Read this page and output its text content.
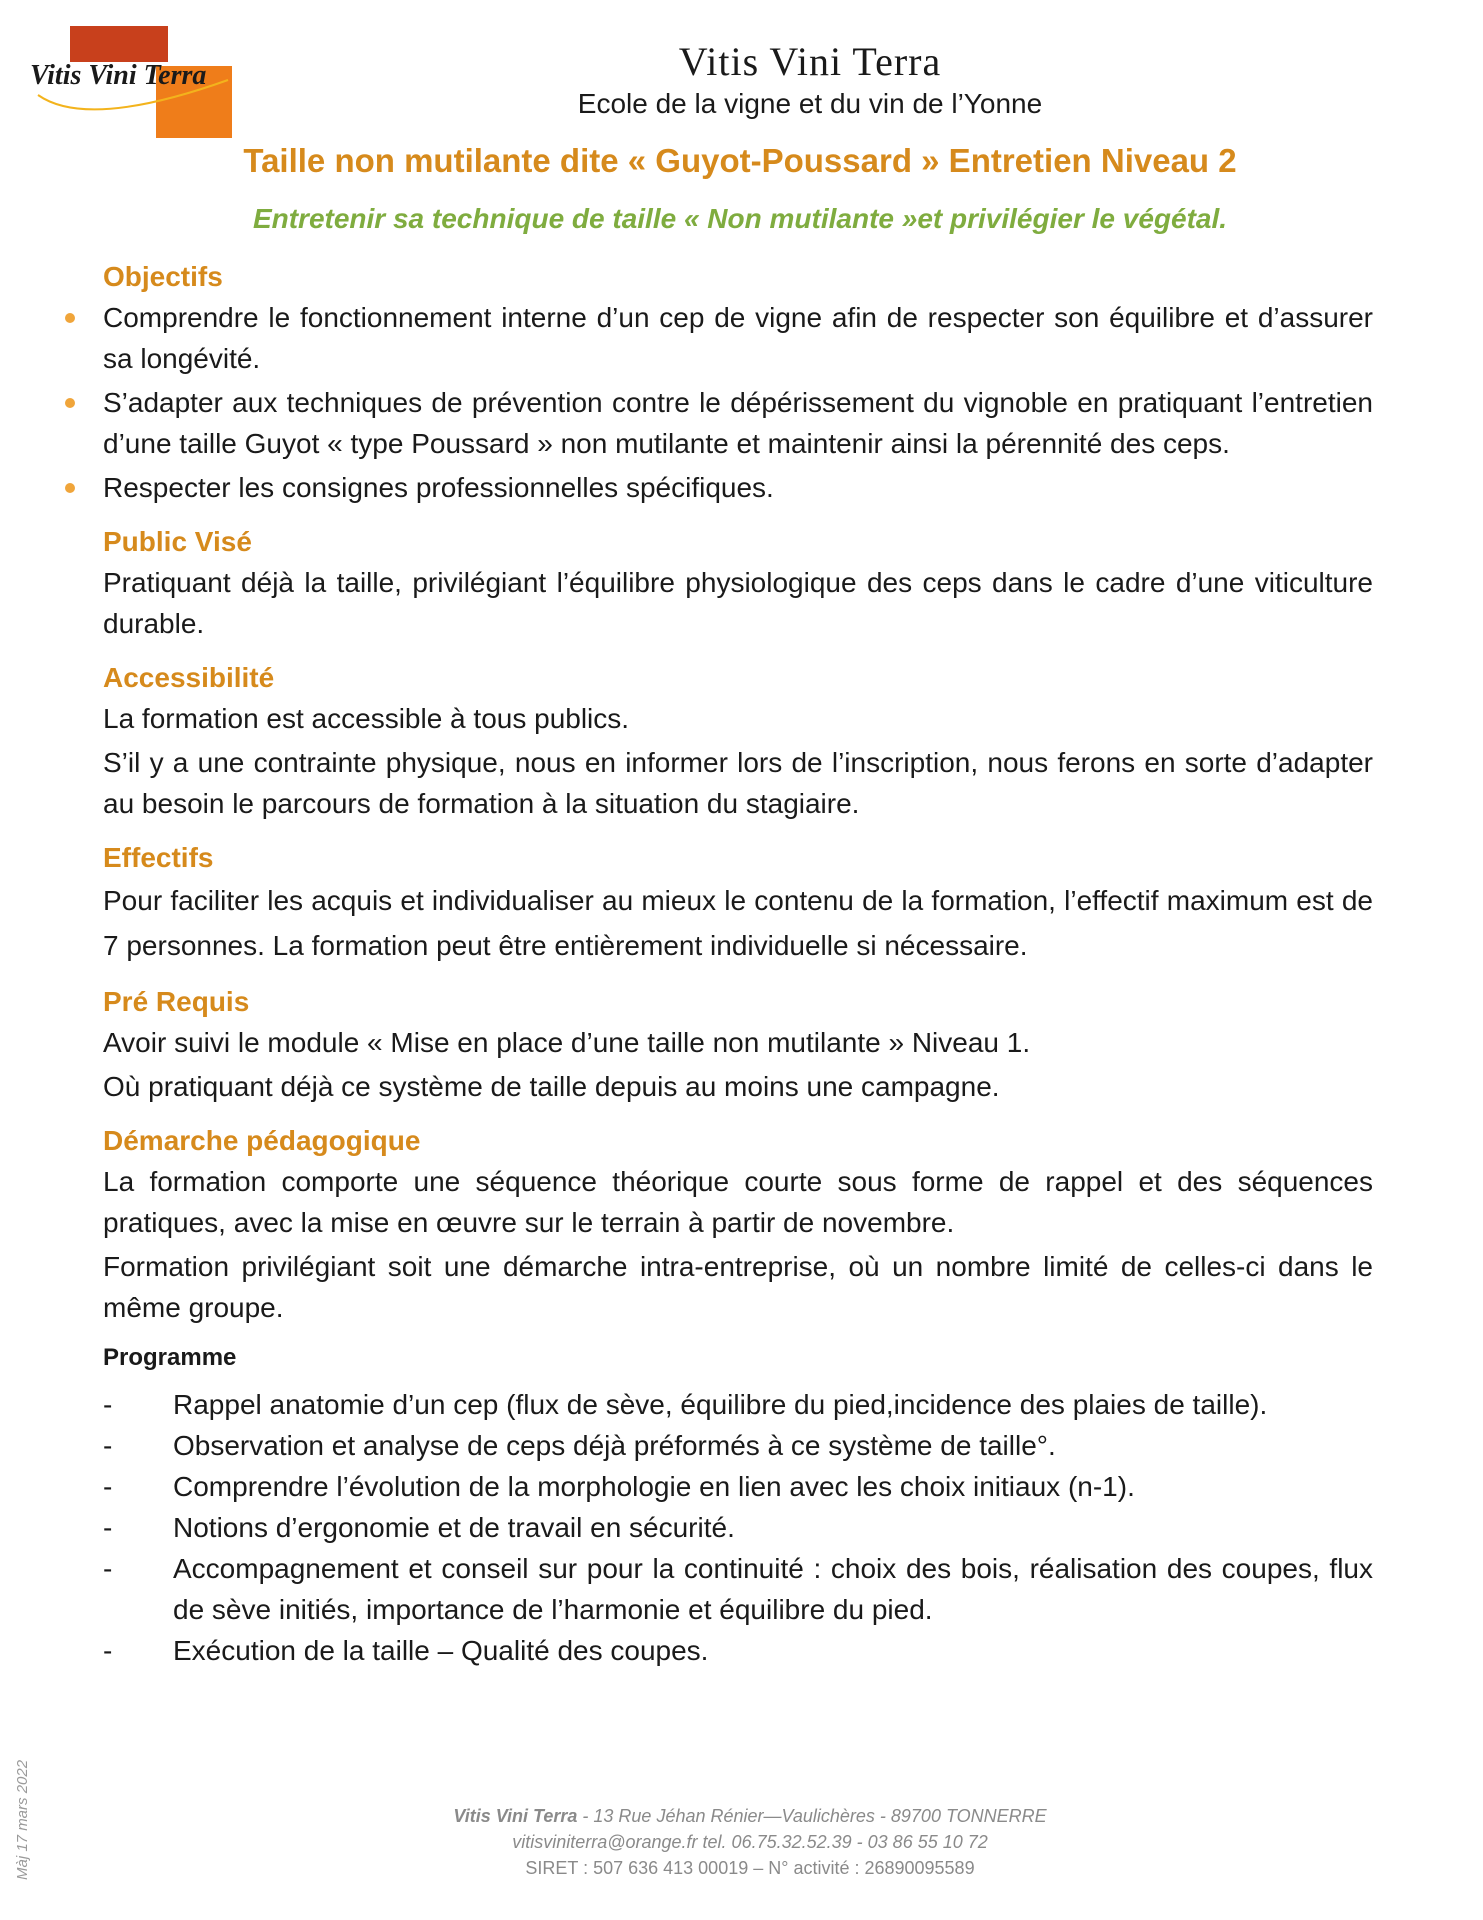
Vitis Vini Terra	Vitis Vini Terra
Ecole de la vigne et du vin de l’Yonne
Taille non mutilante dite « Guyot-Poussard » Entretien Niveau 2
Entretenir sa technique de taille « Non mutilante »et privilégier le végétal.

Objectifs

Comprendre le fonctionnement interne d’un cep de vigne afin de respecter son équilibre et d’assurer sa longévité.
S’adapter aux techniques de prévention contre le dépérissement du vignoble en pratiquant l’entretien d’une taille Guyot « type Poussard » non mutilante et maintenir ainsi la pérennité des ceps.
Respecter les consignes professionnelles spécifiques.

Public Visé

Pratiquant déjà la taille, privilégiant l’équilibre physiologique des ceps dans le cadre d’une viticulture durable.

Accessibilité

La formation est accessible à tous publics.

S’il y a une contrainte physique, nous en informer lors de l’inscription, nous ferons en sorte d’adapter au besoin le parcours de formation à la situation du stagiaire.

Effectifs

Pour faciliter les acquis et individualiser au mieux le contenu de la formation, l’effectif maximum est de 7 personnes. La formation peut être entièrement individuelle si nécessaire.

Pré Requis

Avoir suivi le module « Mise en place d’une taille non mutilante » Niveau 1.

Où pratiquant déjà ce système de taille depuis au moins une campagne.

Démarche pédagogique

La formation comporte une séquence théorique courte sous forme de rappel et des séquences pratiques, avec la mise en œuvre sur le terrain à partir de novembre.

Formation privilégiant soit une démarche intra-entreprise, où un nombre limité de celles-ci dans le même groupe.

Programme

- Rappel anatomie d’un cep (flux de sève, équilibre du pied,incidence des plaies de taille).
- Observation et analyse de ceps déjà préformés à ce système de taille°.
- Comprendre l’évolution de la morphologie en lien avec les choix initiaux (n-1).
- Notions d’ergonomie et de travail en sécurité.
- Accompagnement et conseil sur pour la continuité : choix des bois, réalisation des coupes, flux de sève initiés, importance de l’harmonie et équilibre du pied.
- Exécution de la taille – Qualité des coupes.
Vitis Vini Terra - 13 Rue Jéhan Rénier—Vaulichères - 89700 TONNERRE
vitisviniterra@orange.fr tel. 06.75.32.52.39 - 03 86 55 10 72
SIRET : 507 636 413 00019 – N° activité : 26890095589
Màj 17 mars 2022
